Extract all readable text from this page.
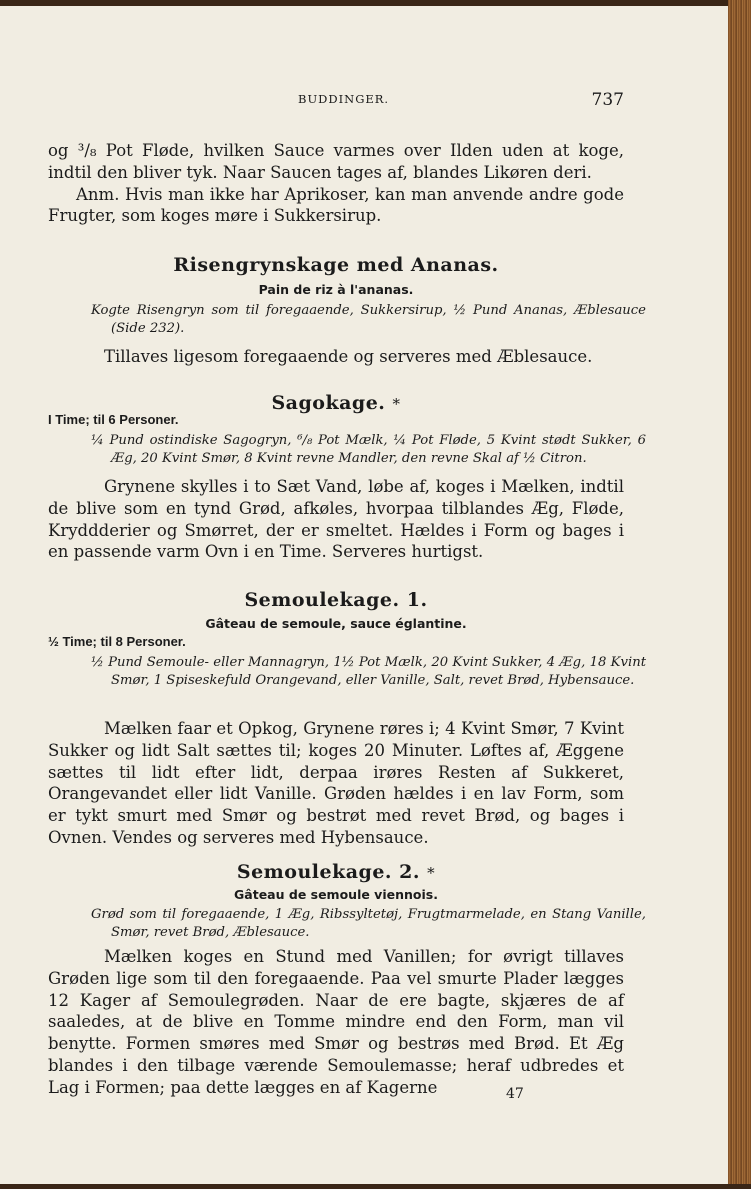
BUDDINGER.	737

og ³/₈ Pot Fløde, hvilken Sauce varmes over Ilden uden at koge, indtil den bliver tyk. Naar Saucen tages af, blandes Likøren deri.

Anm. Hvis man ikke har Aprikoser, kan man anvende andre gode Frugter, som koges møre i Sukkersirup.

Risengrynskage med Ananas.
Pain de riz à l'ananas.
Kogte Risengryn som til foregaaende, Sukkersirup, ½ Pund Ananas, Æblesauce (Side 232).

Tillaves ligesom foregaaende og serveres med Æblesauce.

Sagokage. *
I Time; til 6 Personer.
¼ Pund ostindiske Sagogryn, ⁶/₈ Pot Mælk, ¼ Pot Fløde, 5 Kvint stødt Sukker, 6 Æg, 20 Kvint Smør, 8 Kvint revne Mandler, den revne Skal af ½ Citron.

Grynene skylles i to Sæt Vand, løbe af, koges i Mælken, indtil de blive som en tynd Grød, afkøles, hvorpaa tilblandes Æg, Fløde, Kryddderier og Smørret, der er smeltet. Hældes i Form og bages i en passende varm Ovn i en Time. Serveres hurtigst.

Semoulekage. 1.
Gâteau de semoule, sauce églantine.
½ Time; til 8 Personer.
½ Pund Semoule- eller Mannagryn, 1½ Pot Mælk, 20 Kvint Sukker, 4 Æg, 18 Kvint Smør, 1 Spiseskefuld Orangevand, eller Vanille, Salt, revet Brød, Hybensauce.

Mælken faar et Opkog, Grynene røres i; 4 Kvint Smør, 7 Kvint Sukker og lidt Salt sættes til; koges 20 Minuter. Løftes af, Æggene sættes til lidt efter lidt, derpaa irøres Resten af Sukkeret, Orangevandet eller lidt Vanille. Grøden hældes i en lav Form, som er tykt smurt med Smør og bestrøt med revet Brød, og bages i Ovnen. Vendes og serveres med Hybensauce.

Semoulekage. 2. *
Gâteau de semoule viennois.
Grød som til foregaaende, 1 Æg, Ribssyltetøj, Frugtmarmelade, en Stang Vanille, Smør, revet Brød, Æblesauce.

Mælken koges en Stund med Vanillen; for øvrigt tillaves Grøden lige som til den foregaaende. Paa vel smurte Plader lægges 12 Kager af Semoulegrøden. Naar de ere bagte, skjæres de af saaledes, at de blive en Tomme mindre end den Form, man vil benytte. Formen smøres med Smør og bestrøs med Brød. Et Æg blandes i den tilbage værende Semoulemasse; heraf udbredes et Lag i Formen; paa dette lægges en af Kagerne	47
